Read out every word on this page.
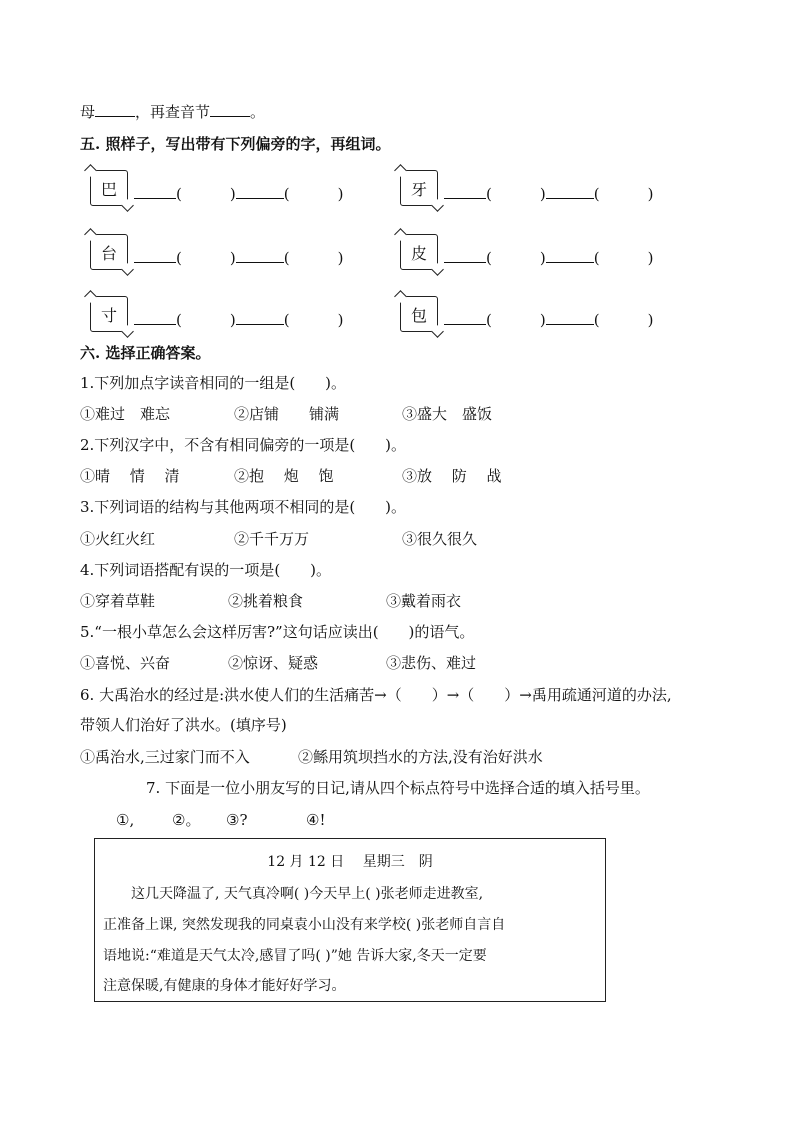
母	，再查音节	。
五. 照样子，写出带有下列偏旁的字，再组词。
巴	(	)	(	)	牙	(	)	(	)
台	(	)	(	)	皮	(	)	(	)
寸	(	)	(	)	包	(	)	(	)
六. 选择正确答案。
1.下列加点字读音相同的一组是(　　)。
①难过　难忘	②店铺　　铺满	③盛大　盛饭
2.下列汉字中，不含有相同偏旁的一项是(　　)。
①晴　 情　 清	②抱　 炮　 饱	③放　 防　 战
3.下列词语的结构与其他两项不相同的是(　　)。
①火红火红	②千千万万	③很久很久
4.下列词语搭配有误的一项是(　　)。
①穿着草鞋	②挑着粮食	③戴着雨衣
5.“一根小草怎么会这样厉害?”这句话应读出(　　)的语气。
①喜悦、兴奋	②惊讶、疑惑	③悲伤、难过
6. 大禹治水的经过是:洪水使人们的生活痛苦→（　　）→（　　）→禹用疏通河道的办法,
带领人们治好了洪水。(填序号)
①禹治水,三过家门而不入	②鲧用筑坝挡水的方法,没有治好洪水
7. 下面是一位小朋友写的日记,请从四个标点符号中选择合适的填入括号里。
①,	②。 ③?	④!
12 月 12 日　 星期三　阴
　　这几天降温了, 天气真冷啊( )今天早上( )张老师走进教室,
正准备上课, 突然发现我的同桌袁小山没有来学校( )张老师自言自
语地说:“难道是天气太冷,感冒了吗( )”她 告诉大家,冬天一定要
注意保暖,有健康的身体才能好好学习。
